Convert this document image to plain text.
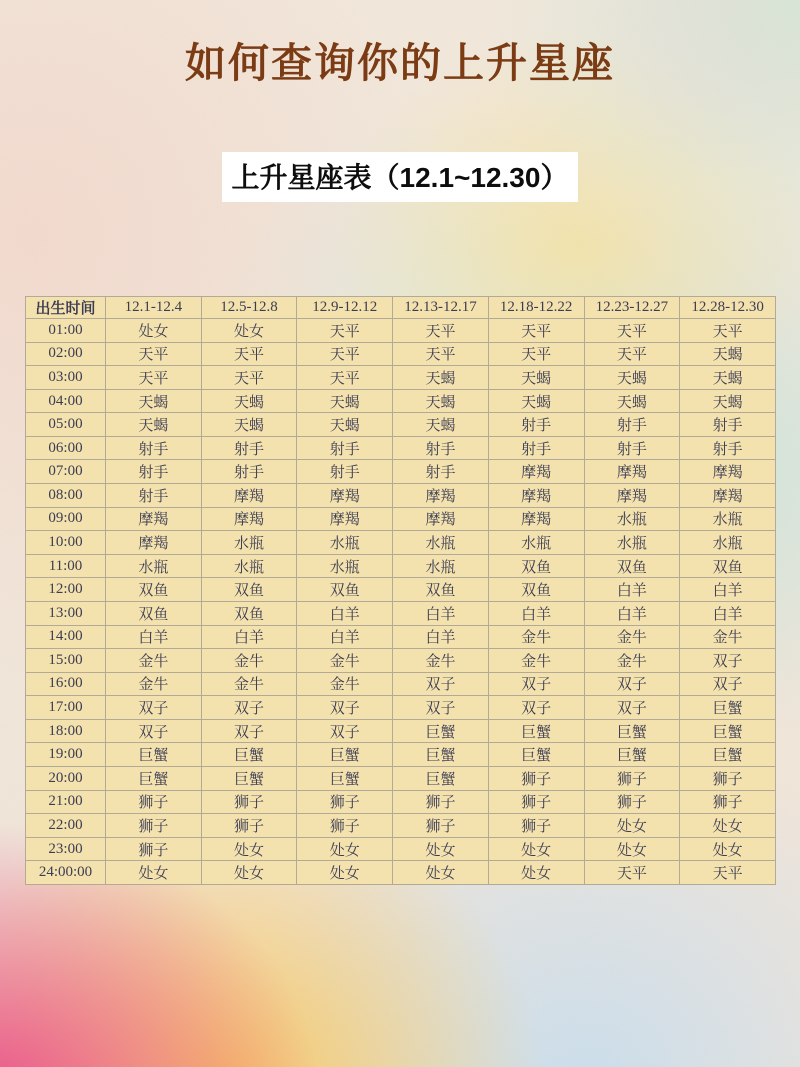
如何查询你的上升星座
上升星座表（12.1~12.30）
出生时间	12.1-12.4	12.5-12.8	12.9-12.12	12.13-12.17	12.18-12.22	12.23-12.27	12.28-12.30
01:00	处女	处女	天平	天平	天平	天平	天平
02:00	天平	天平	天平	天平	天平	天平	天蝎
03:00	天平	天平	天平	天蝎	天蝎	天蝎	天蝎
04:00	天蝎	天蝎	天蝎	天蝎	天蝎	天蝎	天蝎
05:00	天蝎	天蝎	天蝎	天蝎	射手	射手	射手
06:00	射手	射手	射手	射手	射手	射手	射手
07:00	射手	射手	射手	射手	摩羯	摩羯	摩羯
08:00	射手	摩羯	摩羯	摩羯	摩羯	摩羯	摩羯
09:00	摩羯	摩羯	摩羯	摩羯	摩羯	水瓶	水瓶
10:00	摩羯	水瓶	水瓶	水瓶	水瓶	水瓶	水瓶
11:00	水瓶	水瓶	水瓶	水瓶	双鱼	双鱼	双鱼
12:00	双鱼	双鱼	双鱼	双鱼	双鱼	白羊	白羊
13:00	双鱼	双鱼	白羊	白羊	白羊	白羊	白羊
14:00	白羊	白羊	白羊	白羊	金牛	金牛	金牛
15:00	金牛	金牛	金牛	金牛	金牛	金牛	双子
16:00	金牛	金牛	金牛	双子	双子	双子	双子
17:00	双子	双子	双子	双子	双子	双子	巨蟹
18:00	双子	双子	双子	巨蟹	巨蟹	巨蟹	巨蟹
19:00	巨蟹	巨蟹	巨蟹	巨蟹	巨蟹	巨蟹	巨蟹
20:00	巨蟹	巨蟹	巨蟹	巨蟹	狮子	狮子	狮子
21:00	狮子	狮子	狮子	狮子	狮子	狮子	狮子
22:00	狮子	狮子	狮子	狮子	狮子	处女	处女
23:00	狮子	处女	处女	处女	处女	处女	处女
24:00:00	处女	处女	处女	处女	处女	天平	天平
